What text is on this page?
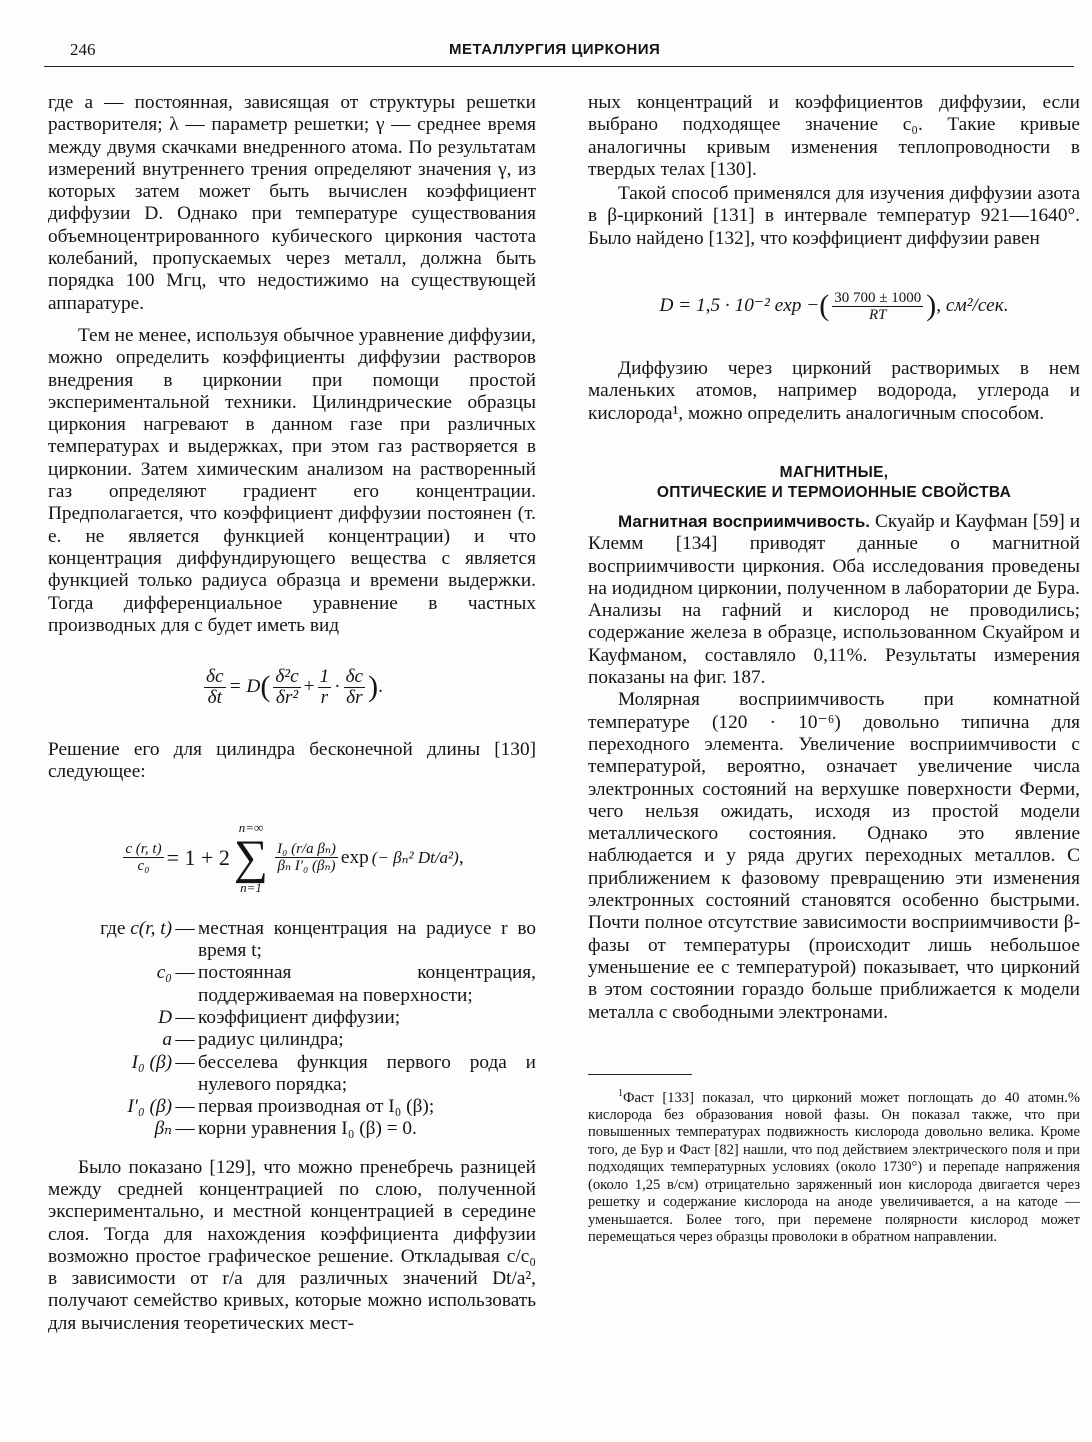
246	МЕТАЛЛУРГИЯ ЦИРКОНИЯ

где a — постоянная, зависящая от структуры решетки растворителя; λ — параметр решетки; γ — среднее время между двумя скачками внедренного атома. По результатам измерений внутреннего трения определяют значения γ, из которых затем может быть вычислен коэффициент диффузии D. Однако при температуре существования объемноцентрированного кубического циркония частота колебаний, пропускаемых через металл, должна быть порядка 100 Мгц, что недостижимо на существующей аппаратуре.

Тем не менее, используя обычное уравнение диффузии, можно определить коэффициенты диффузии растворов внедрения в цирконии при помощи простой экспериментальной техники. Цилиндрические образцы циркония нагревают в данном газе при различных температурах и выдержках, при этом газ растворяется в цирконии. Затем химическим анализом на растворенный газ определяют градиент его концентрации. Предполагается, что коэффициент диффузии постоянен (т. е. не является функцией концентрации) и что концентрация диффундирующего вещества c является функцией только радиуса образца и времени выдержки. Тогда дифференциальное уравнение в частных производных для c будет иметь вид

$\frac{\delta c}{\delta t} = D$ ( $\frac{\text{δ²c}}{\text{δr²}} + \frac{1}{r} \cdot \frac{\delta c}{\delta r}$ ) .

Решение его для цилиндра бесконечной длины [130] следующее:

$\frac{c (r, t)}{\text{c₀}} = 1 + 2$
n=∞
∑
n=1
$\frac{\text{I₀ (r/a βₙ)}}{\text{βₙ I′₀ (βₙ)}}$ exp (− βₙ² Dt/a²) ,
где c(r, t) — местная концентрация на радиусе r во время t;
c₀ — постоянная концентрация, поддерживаемая на поверхности;
D — коэффициент диффузии;
a — радиус цилиндра;
I₀ (β) — бесселева функция первого рода и нулевого порядка;
I′₀ (β) — первая производная от I₀ (β);
βₙ — корни уравнения I₀ (β) = 0.

Было показано [129], что можно пренебречь разницей между средней концентрацией по слою, полученной экспериментально, и местной концентрацией в середине слоя. Тогда для нахождения коэффициента диффузии возможно простое графическое решение. Откладывая c/c₀ в зависимости от r/a для различных значений Dt/a², получают семейство кривых, которые можно использовать для вычисления теоретических мест-

ных концентраций и коэффициентов диффузии, если выбрано подходящее значение c₀. Такие кривые аналогичны кривым изменения теплопроводности в твердых телах [130].

Такой способ применялся для изучения диффузии азота в β-цирконий [131] в интервале температур 921—1640°. Было найдено [132], что коэффициент диффузии равен

D = 1,5 · 10⁻² exp − ( $\frac{30 700 \pm 1000}{RT}$ ) , см²/сек.

Диффузию через цирконий растворимых в нем маленьких атомов, например водорода, углерода и кислорода¹, можно определить аналогичным способом.

МАГНИТНЫЕ,
ОПТИЧЕСКИЕ И ТЕРМОИОННЫЕ СВОЙСТВА

Магнитная восприимчивость. Скуайр и Кауфман [59] и Клемм [134] приводят данные о магнитной восприимчивости циркония. Оба исследования проведены на иодидном цирконии, полученном в лаборатории де Бура. Анализы на гафний и кислород не проводились; содержание железа в образце, использованном Скуайром и Кауфманом, составляло 0,11%. Результаты измерения показаны на фиг. 187.

Молярная восприимчивость при комнатной температуре (120 · 10⁻⁶) довольно типична для переходного элемента. Увеличение восприимчивости с температурой, вероятно, означает увеличение числа электронных состояний на верхушке поверхности Ферми, чего нельзя ожидать, исходя из простой модели металлического состояния. Однако это явление наблюдается и у ряда других переходных металлов. С приближением к фазовому превращению эти изменения электронных состояний становятся особенно быстрыми. Почти полное отсутствие зависимости восприимчивости β-фазы от температуры (происходит лишь небольшое уменьшение ее с температурой) показывает, что цирконий в этом состоянии гораздо больше приближается к модели металла с свободными электронами.

$^1$Фаст [133] показал, что цирконий может поглощать до 40 атомн.% кислорода без образования новой фазы. Он показал также, что при повышенных температурах подвижность кислорода довольно велика. Кроме того, де Бур и Фаст [82] нашли, что под действием электрического поля и при подходящих температурных условиях (около 1730°) и перепаде напряжения (около 1,25 в/см) отрицательно заряженный ион кислорода двигается через решетку и содержание кислорода на аноде увеличивается, а на катоде — уменьшается. Более того, при перемене полярности кислород может перемещаться через образцы проволоки в обратном направлении.
